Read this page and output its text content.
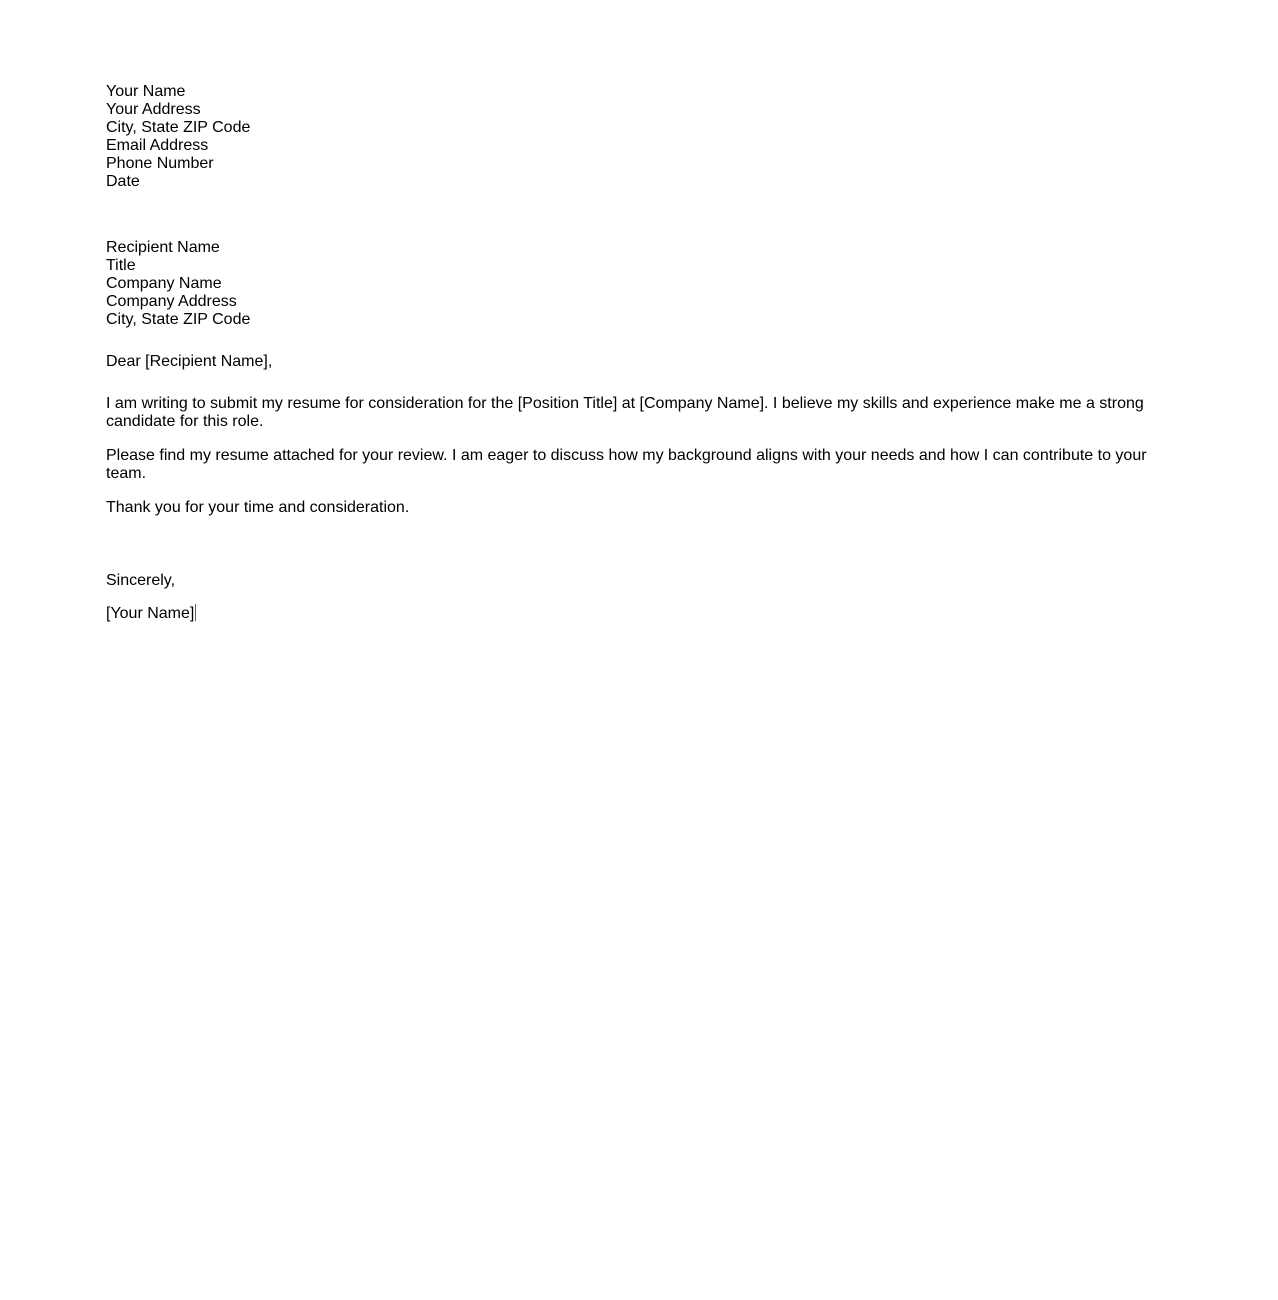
Your Name
Your Address
City, State ZIP Code
Email Address
Phone Number
Date
Recipient Name
Title
Company Name
Company Address
City, State ZIP Code

Dear [Recipient Name],

I am writing to submit my resume for consideration for the [Position Title] at [Company Name]. I believe my skills and experience make me a strong candidate for this role.

Please find my resume attached for your review. I am eager to discuss how my background aligns with your needs and how I can contribute to your team.

Thank you for your time and consideration.

Sincerely,

[Your Name]
